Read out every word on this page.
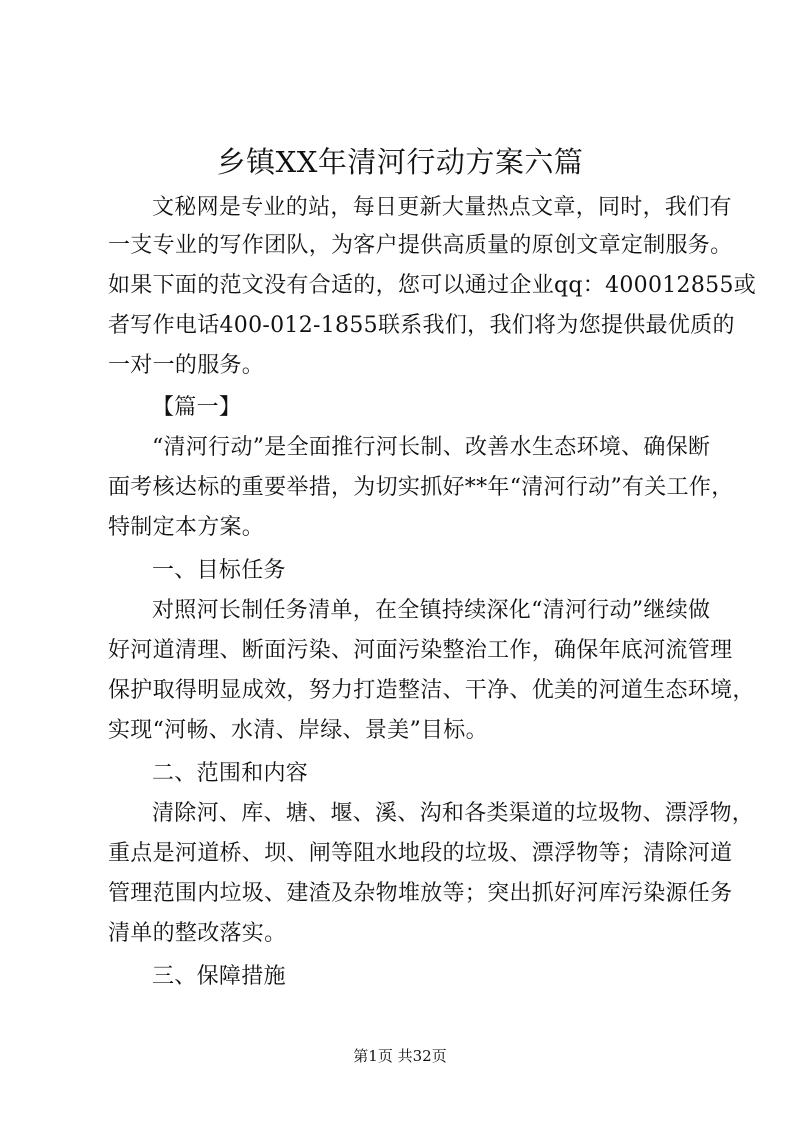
乡镇XX年清河行动方案六篇
文秘网是专业的站，每日更新大量热点文章，同时，我们有
一支专业的写作团队，为客户提供高质量的原创文章定制服务。
如果下面的范文没有合适的，您可以通过企业qq：400012855或
者写作电话400-012-1855联系我们，我们将为您提供最优质的
一对一的服务。
【篇一】
“清河行动”是全面推行河长制、改善水生态环境、确保断
面考核达标的重要举措，为切实抓好**年“清河行动”有关工作，
特制定本方案。
一、目标任务
对照河长制任务清单，在全镇持续深化“清河行动”继续做
好河道清理、断面污染、河面污染整治工作，确保年底河流管理
保护取得明显成效，努力打造整洁、干净、优美的河道生态环境，
实现“河畅、水清、岸绿、景美”目标。
二、范围和内容
清除河、库、塘、堰、溪、沟和各类渠道的垃圾物、漂浮物，
重点是河道桥、坝、闸等阻水地段的垃圾、漂浮物等；清除河道
管理范围内垃圾、建渣及杂物堆放等；突出抓好河库污染源任务
清单的整改落实。
三、保障措施
第1页 共32页
